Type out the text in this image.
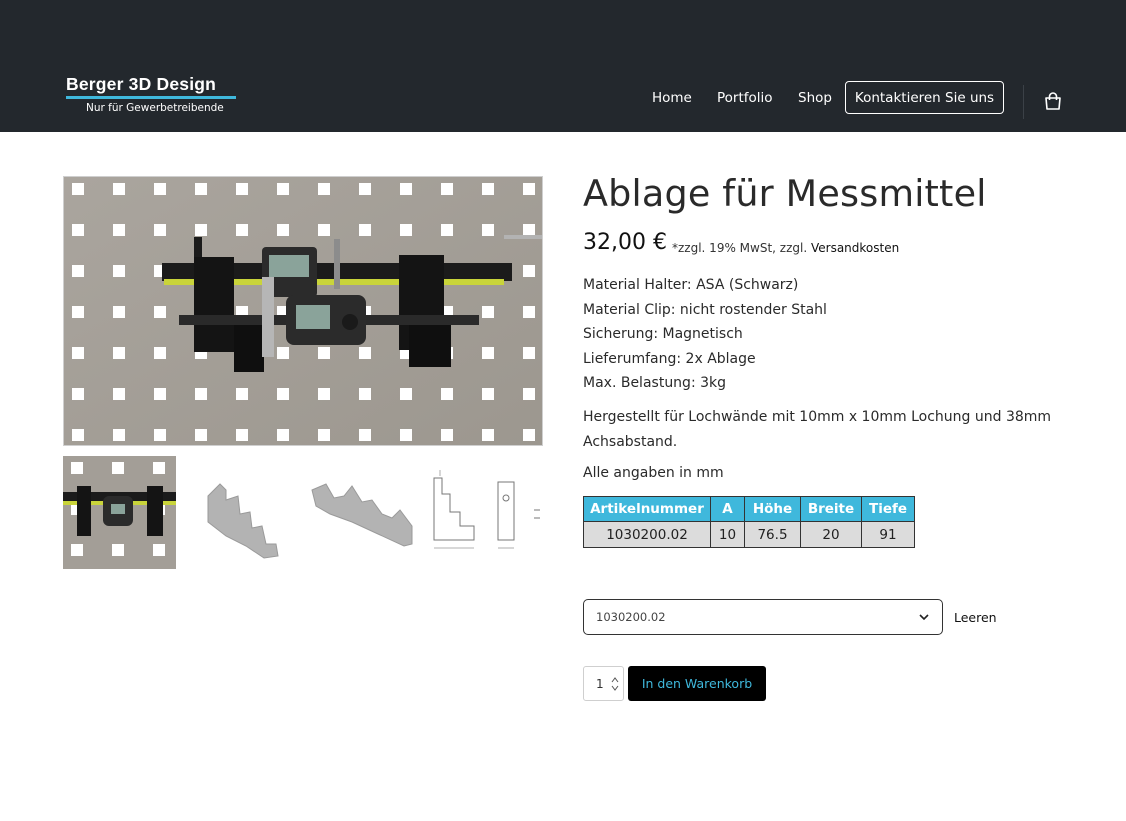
Berger 3D Design
Nur für Gewerbetreibende
Home Portfolio Shop	Kontaktieren Sie uns
Ablage für Messmittel
32,00 € *zzgl. 19% MwSt, zzgl. Versandkosten
Material Halter: ASA (Schwarz)
Material Clip: nicht rostender Stahl
Sicherung: Magnetisch
Lieferumfang: 2x Ablage
Max. Belastung: 3kg
Hergestellt für Lochwände mit 10mm x 10mm Lochung und 38mm Achsabstand.
Alle angaben in mm
Artikelnummer	A	Höhe	Breite	Tiefe
1030200.02	10	76.5	20	91
1030200.02	Leeren
1	In den Warenkorb
